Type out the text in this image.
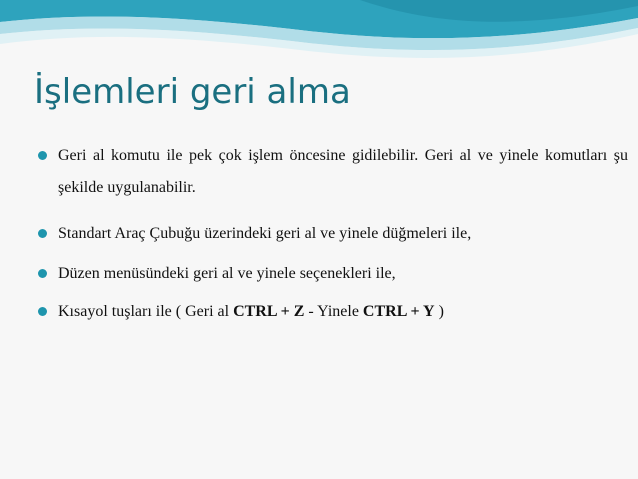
İşlemleri geri alma
Geri al komutu ile pek çok işlem öncesine gidilebilir. Geri al ve yinele komutları şu şekilde uygulanabilir.
Standart Araç Çubuğu üzerindeki geri al ve yinele düğmeleri ile,
Düzen menüsündeki geri al ve yinele seçenekleri ile,
Kısayol tuşları ile ( Geri al CTRL + Z - Yinele CTRL + Y )
